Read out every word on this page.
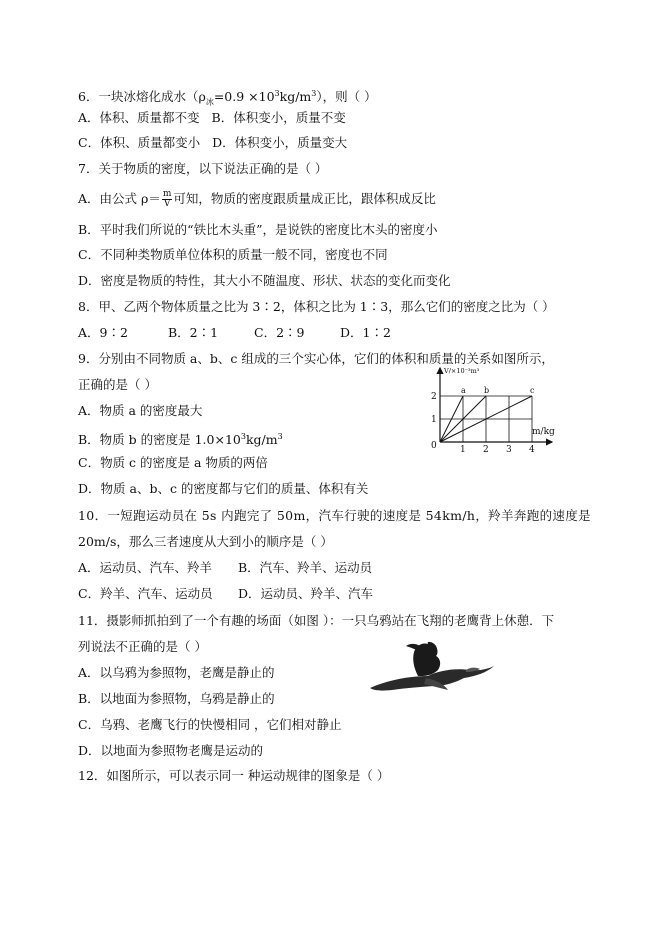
6．一块冰熔化成水$(\rho_冰=0.9 \times 10^3kg/m^3)$，则（ ）
A．体积、质量都不变 B．体积变小，质量不变
C．体积、质量都变小 D．体积变小，质量变大
7．关于物质的密度，以下说法正确的是（ ）
A．由公式 $\rho= \frac{m}{V}$ 可知，物质的密度跟质量成正比，跟体积成反比
B．平时我们所说的“铁比木头重”，是说铁的密度比木头的密度小
C．不同种类物质单位体积的质量一般不同，密度也不同
D．密度是物质的特性，其大小不随温度、形状、状态的变化而变化
8．甲、乙两个物体质量之比为 3∶2，体积之比为 1∶3，那么它们的密度之比为（ ）
A．9∶2	B．2∶1	C．2∶9	D．1∶2
9．分别由不同物质 a、b、c 组成的三个实心体，它们的体积和质量的关系如图所示，
正确的是（ ）
A．物质 a 的密度最大
B．物质 b 的密度是 $1.0\times 10^3kg/m^3$
C．物质 c 的密度是 a 物质的两倍
D．物质 a、b、c 的密度都与它们的质量、体积有关
1 2 3 4
1
2
a b	c
V/×10⁻³m³
m/kg
0
10．一短跑运动员在 5s 内跑完了 50m，汽车行驶的速度是 54km/h，羚羊奔跑的速度是
20m/s，那么三者速度从大到小的顺序是（ ）
A．运动员、汽车、羚羊 B．汽车、羚羊、运动员
C．羚羊、汽车、运动员 D．运动员、羚羊、汽车
11．摄影师抓拍到了一个有趣的场面（如图 ）：一只乌鸦站在飞翔的老鹰背上休憩．下
列说法不正确的是（ ）
A．以乌鸦为参照物，老鹰是静止的
B．以地面为参照物，乌鸦是静止的
C．乌鸦、老鹰飞行的快慢相同 ，它们相对静止
D．以地面为参照物老鹰是运动的
12．如图所示，可以表示同一 种运动规律的图象是（ ）
